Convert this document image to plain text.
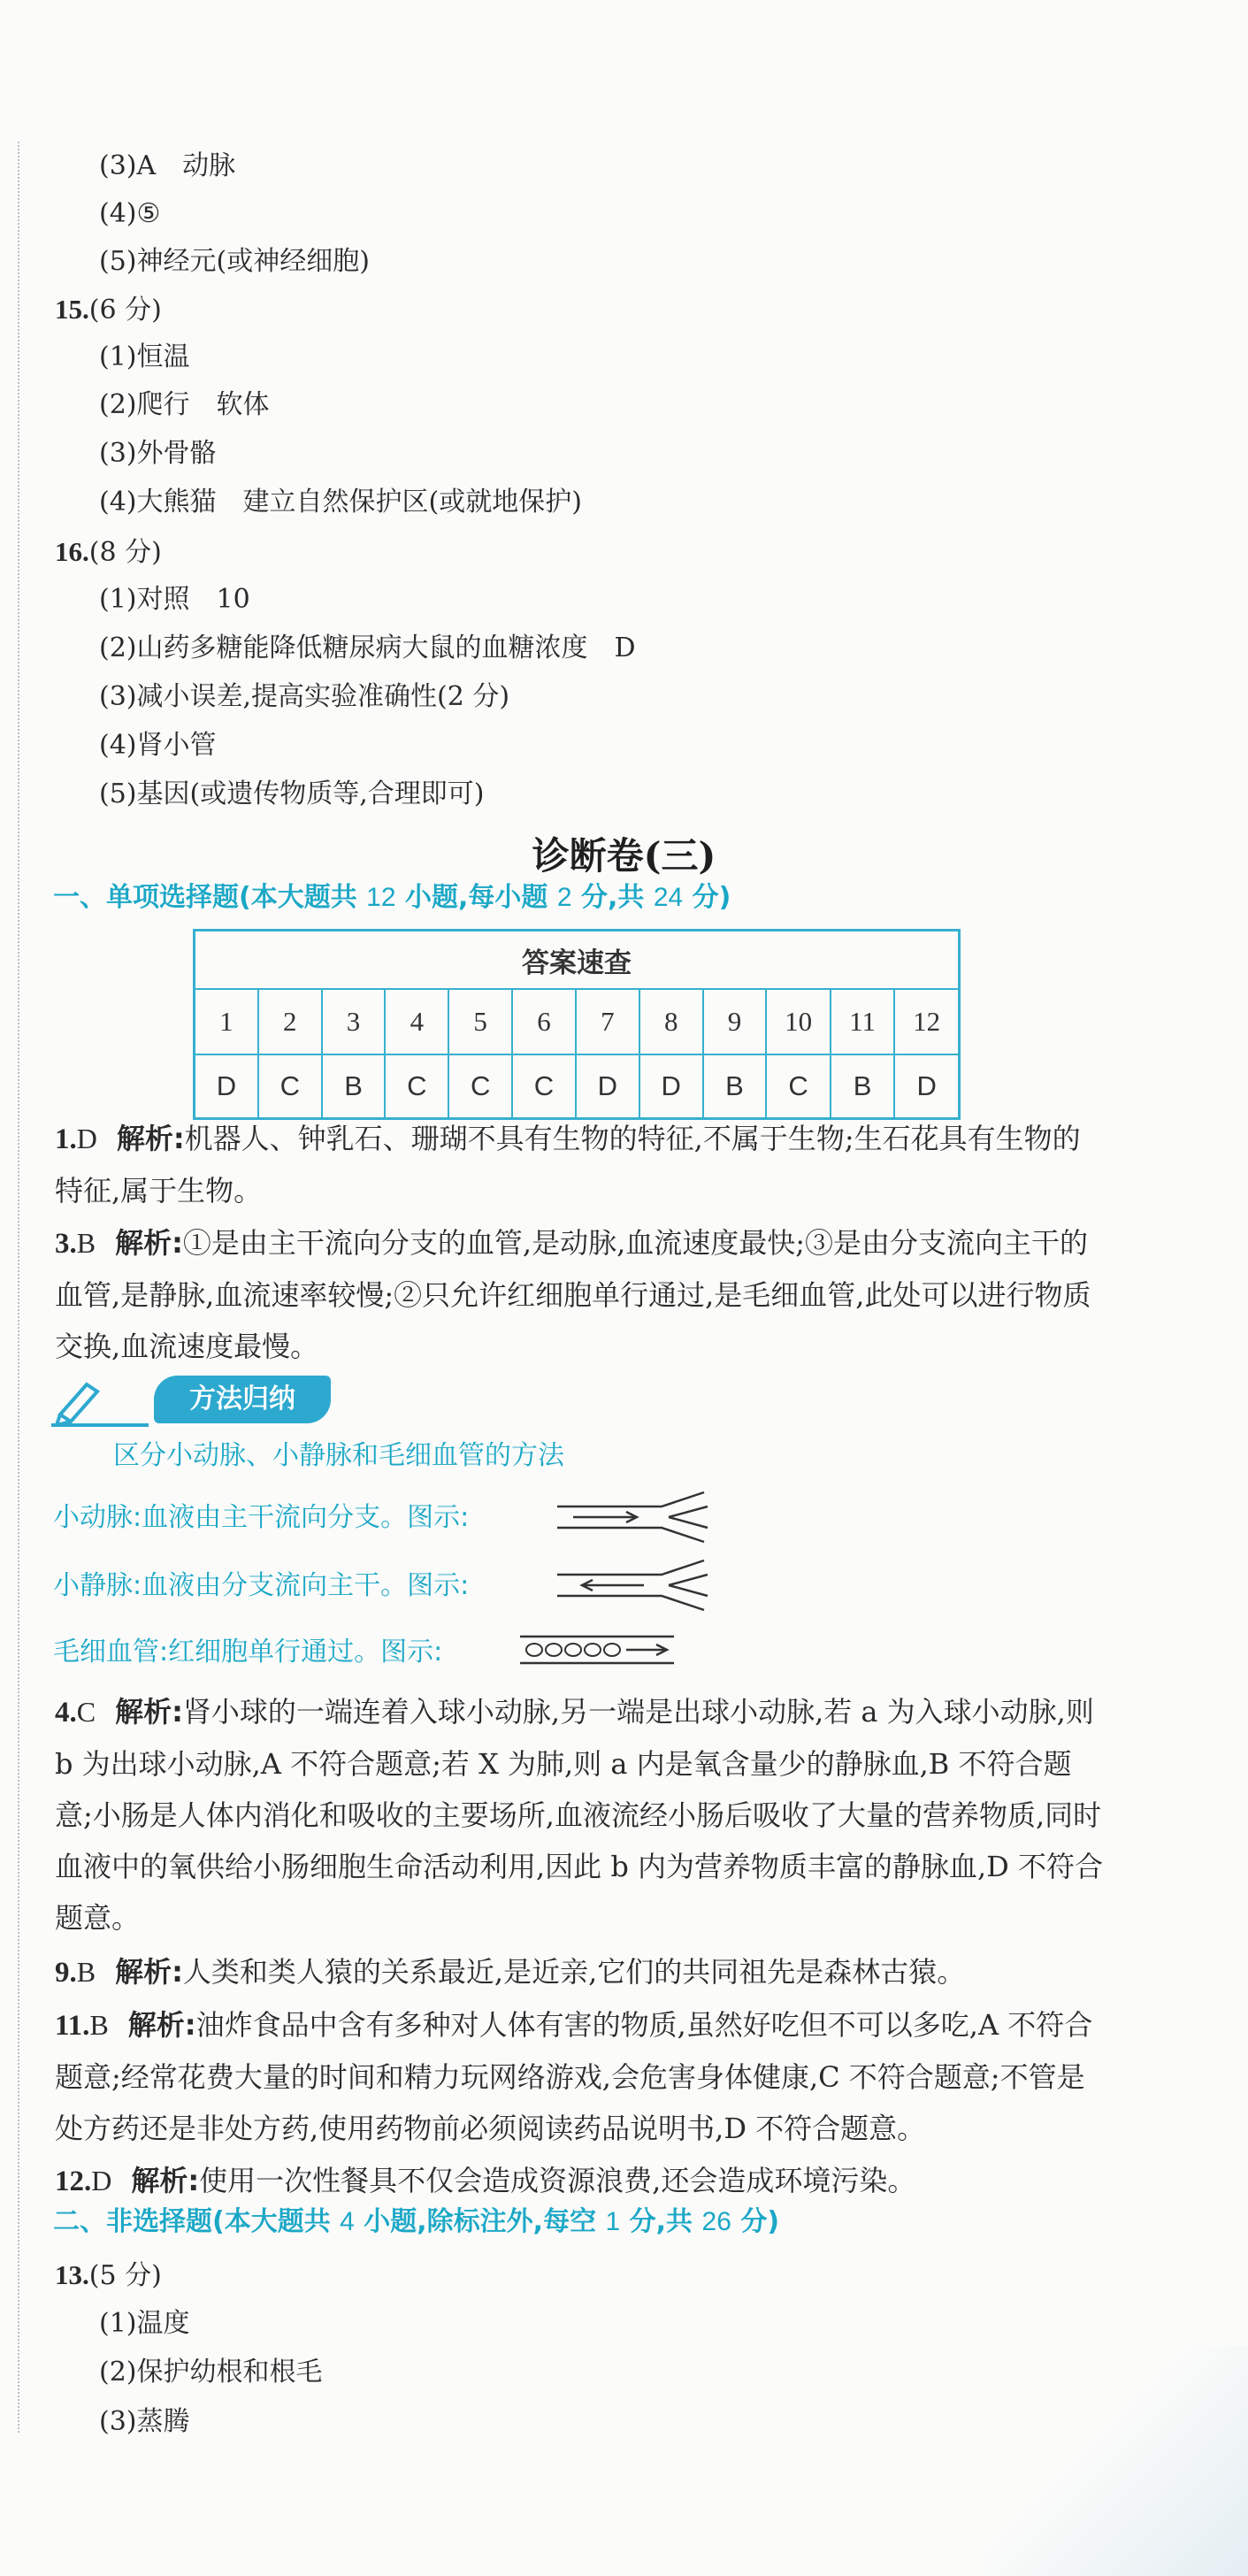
(3)A　动脉
(4)⑤
(5)神经元(或神经细胞)
15.(6 分)
(1)恒温
(2)爬行　软体
(3)外骨骼
(4)大熊猫　建立自然保护区(或就地保护)
16.(8 分)
(1)对照　10
(2)山药多糖能降低糖尿病大鼠的血糖浓度　D
(3)减小误差,提高实验准确性(2 分)
(4)肾小管
(5)基因(或遗传物质等,合理即可)
诊断卷(三)
一、单项选择题(本大题共 12 小题,每小题 2 分,共 24 分)
答案速查											
1	2	3	4	5	6	7	8	9	10	11	12
D	C	B	C	C	C	D	D	B	C	B	D
1.D 解析:机器人、钟乳石、珊瑚不具有生物的特征,不属于生物;生石花具有生物的特征,属于生物。
3.B 解析:①是由主干流向分支的血管,是动脉,血流速度最快;③是由分支流向主干的血管,是静脉,血流速率较慢;②只允许红细胞单行通过,是毛细血管,此处可以进行物质交换,血流速度最慢。
方法归纳
区分小动脉、小静脉和毛细血管的方法
小动脉:血液由主干流向分支。图示:
小静脉:血液由分支流向主干。图示:
毛细血管:红细胞单行通过。图示:
4.C 解析:肾小球的一端连着入球小动脉,另一端是出球小动脉,若 a 为入球小动脉,则 b 为出球小动脉,A 不符合题意;若 X 为肺,则 a 内是氧含量少的静脉血,B 不符合题意;小肠是人体内消化和吸收的主要场所,血液流经小肠后吸收了大量的营养物质,同时血液中的氧供给小肠细胞生命活动利用,因此 b 内为营养物质丰富的静脉血,D 不符合题意。
9.B 解析:人类和类人猿的关系最近,是近亲,它们的共同祖先是森林古猿。
11.B 解析:油炸食品中含有多种对人体有害的物质,虽然好吃但不可以多吃,A 不符合题意;经常花费大量的时间和精力玩网络游戏,会危害身体健康,C 不符合题意;不管是处方药还是非处方药,使用药物前必须阅读药品说明书,D 不符合题意。
12.D 解析:使用一次性餐具不仅会造成资源浪费,还会造成环境污染。
二、非选择题(本大题共 4 小题,除标注外,每空 1 分,共 26 分)
13.(5 分)
(1)温度
(2)保护幼根和根毛
(3)蒸腾
